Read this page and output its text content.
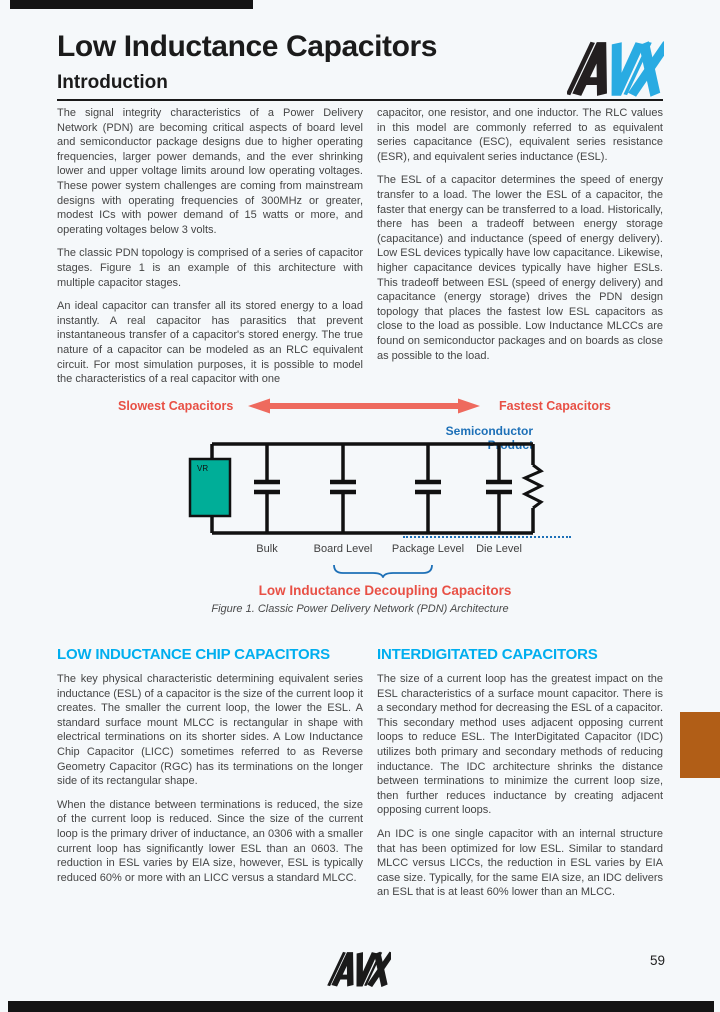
Low Inductance Capacitors
Introduction

The signal integrity characteristics of a Power Delivery Network (PDN) are becoming critical aspects of board level and semiconductor package designs due to higher operating frequencies, larger power demands, and the ever shrinking lower and upper voltage limits around low operating voltages. These power system challenges are coming from mainstream designs with operating frequencies of 300MHz or greater, modest ICs with power demand of 15 watts or more, and operating voltages below 3 volts.

The classic PDN topology is comprised of a series of capacitor stages. Figure 1 is an example of this architecture with multiple capacitor stages.

An ideal capacitor can transfer all its stored energy to a load instantly. A real capacitor has parasitics that prevent instantaneous transfer of a capacitor's stored energy. The true nature of a capacitor can be modeled as an RLC equivalent circuit. For most simulation purposes, it is possible to model the characteristics of a real capacitor with one

capacitor, one resistor, and one inductor. The RLC values in this model are commonly referred to as equivalent series capacitance (ESC), equivalent series resistance (ESR), and equivalent series inductance (ESL).

The ESL of a capacitor determines the speed of energy transfer to a load. The lower the ESL of a capacitor, the faster that energy can be transferred to a load. Historically, there has been a tradeoff between energy storage (capacitance) and inductance (speed of energy delivery). Low ESL devices typically have low capacitance. Likewise, higher capacitance devices typically have higher ESLs. This tradeoff between ESL (speed of energy delivery) and capacitance (energy storage) drives the PDN design topology that places the fastest low ESL capacitors as close to the load as possible. Low Inductance MLCCs are found on semiconductor packages and on boards as close as possible to the load.

Slowest Capacitors	Fastest Capacitors
Semiconductor Product
VR
Bulk	Board Level	Package Level	Die Level
Low Inductance Decoupling Capacitors
Figure 1. Classic Power Delivery Network (PDN) Architecture
LOW INDUCTANCE CHIP CAPACITORS

The key physical characteristic determining equivalent series inductance (ESL) of a capacitor is the size of the current loop it creates. The smaller the current loop, the lower the ESL. A standard surface mount MLCC is rectangular in shape with electrical terminations on its shorter sides. A Low Inductance Chip Capacitor (LICC) sometimes referred to as Reverse Geometry Capacitor (RGC) has its terminations on the longer side of its rectangular shape.

When the distance between terminations is reduced, the size of the current loop is reduced. Since the size of the current loop is the primary driver of inductance, an 0306 with a smaller current loop has significantly lower ESL than an 0603. The reduction in ESL varies by EIA size, however, ESL is typically reduced 60% or more with an LICC versus a standard MLCC.

INTERDIGITATED CAPACITORS

The size of a current loop has the greatest impact on the ESL characteristics of a surface mount capacitor. There is a secondary method for decreasing the ESL of a capacitor. This secondary method uses adjacent opposing current loops to reduce ESL. The InterDigitated Capacitor (IDC) utilizes both primary and secondary methods of reducing inductance. The IDC architecture shrinks the distance between terminations to minimize the current loop size, then further reduces inductance by creating adjacent opposing current loops.

An IDC is one single capacitor with an internal structure that has been optimized for low ESL. Similar to standard MLCC versus LICCs, the reduction in ESL varies by EIA case size. Typically, for the same EIA size, an IDC delivers an ESL that is at least 60% lower than an MLCC.

59
